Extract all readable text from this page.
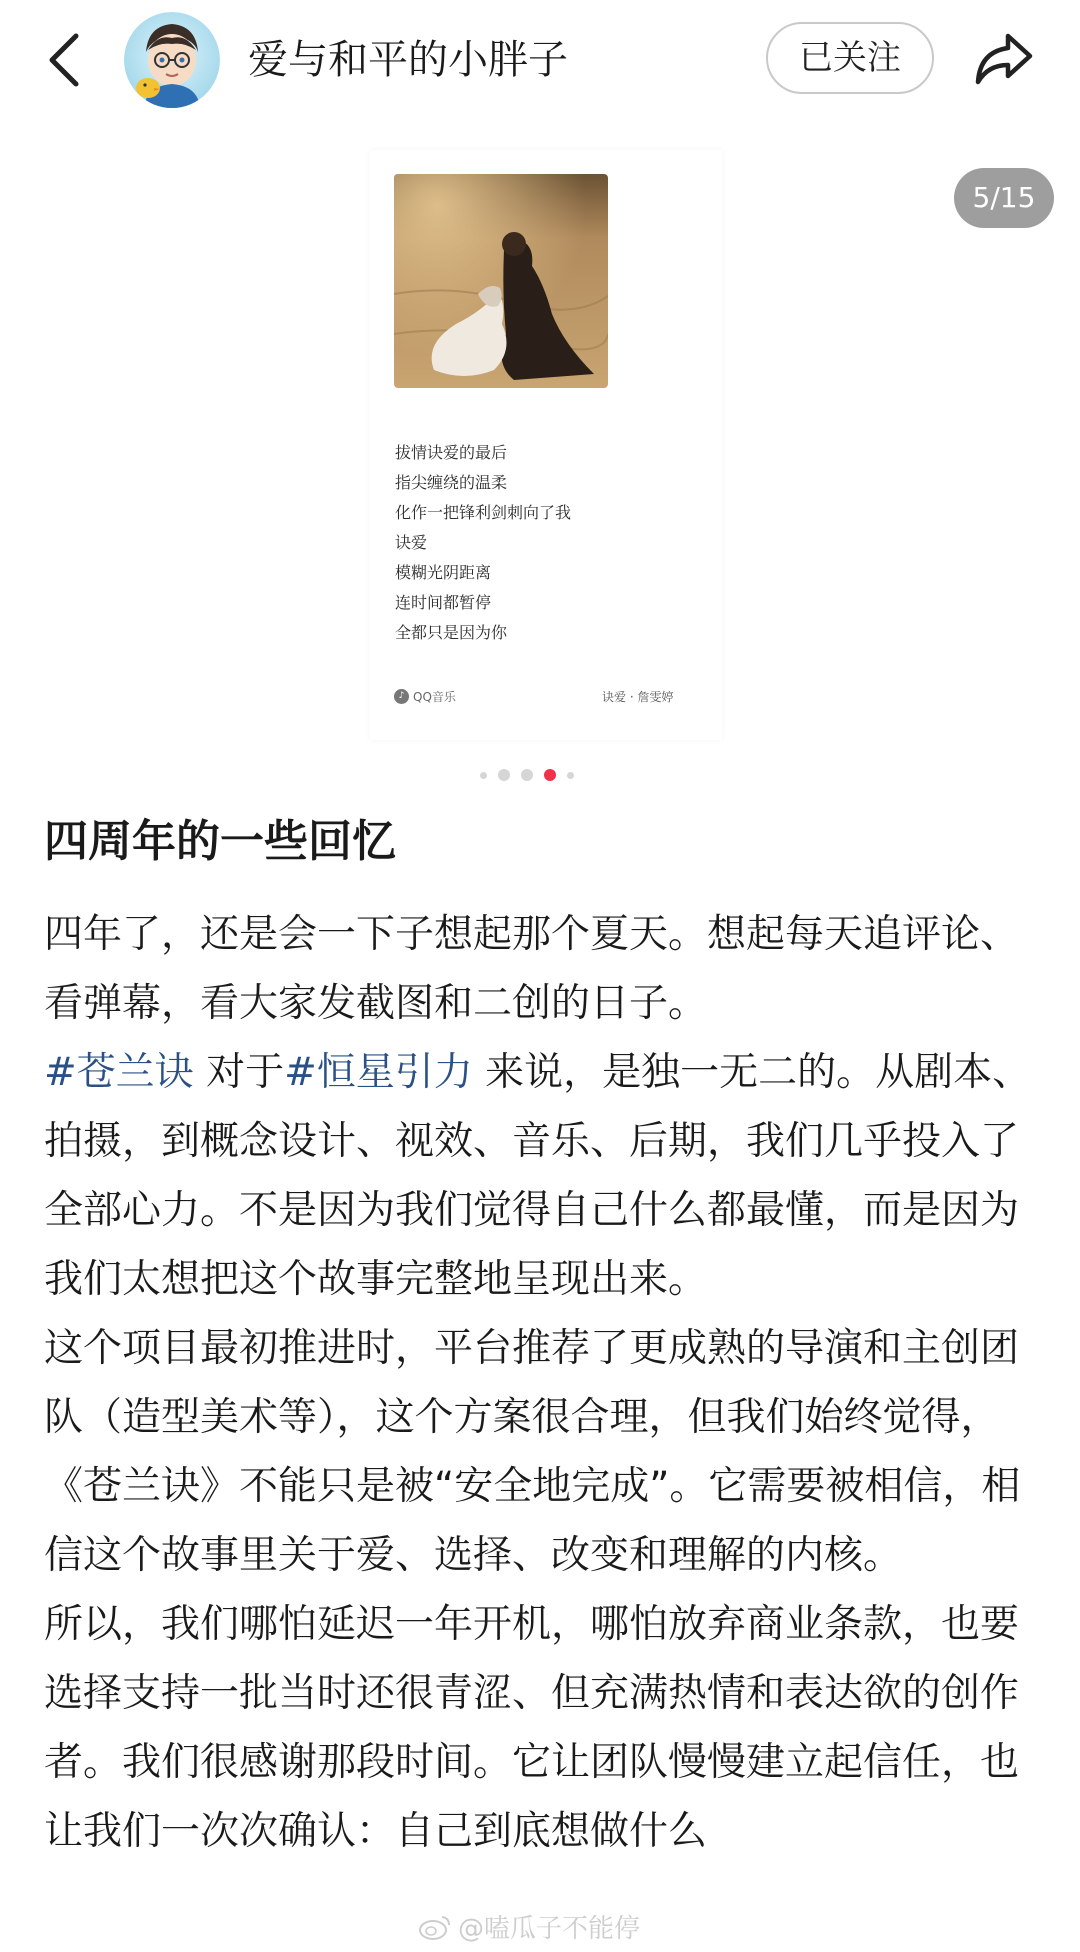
爱与和平的小胖子	已关注
拔情诀爱的最后
指尖缠绕的温柔
化作一把锋利剑刺向了我
诀爱
模糊光阴距离
连时间都暂停
全都只是因为你
♪ QQ音乐	诀爱 · 詹雯婷
5/15
四周年的一些回忆

四年了，还是会一下子想起那个夏天。想起每天追评论、看弹幕，看大家发截图和二创的日子。

#苍兰诀 对于#恒星引力 来说，是独一无二的。从剧本、拍摄，到概念设计、视效、音乐、后期，我们几乎投入了全部心力。不是因为我们觉得自己什么都最懂，而是因为我们太想把这个故事完整地呈现出来。

这个项目最初推进时，平台推荐了更成熟的导演和主创团队（造型美术等），这个方案很合理，但我们始终觉得，《苍兰诀》不能只是被“安全地完成”。它需要被相信，相信这个故事里关于爱、选择、改变和理解的内核。

所以，我们哪怕延迟一年开机，哪怕放弃商业条款，也要选择支持一批当时还很青涩、但充满热情和表达欲的创作者。我们很感谢那段时间。它让团队慢慢建立起信任，也让我们一次次确认：自己到底想做什么

@嗑瓜子不能停
